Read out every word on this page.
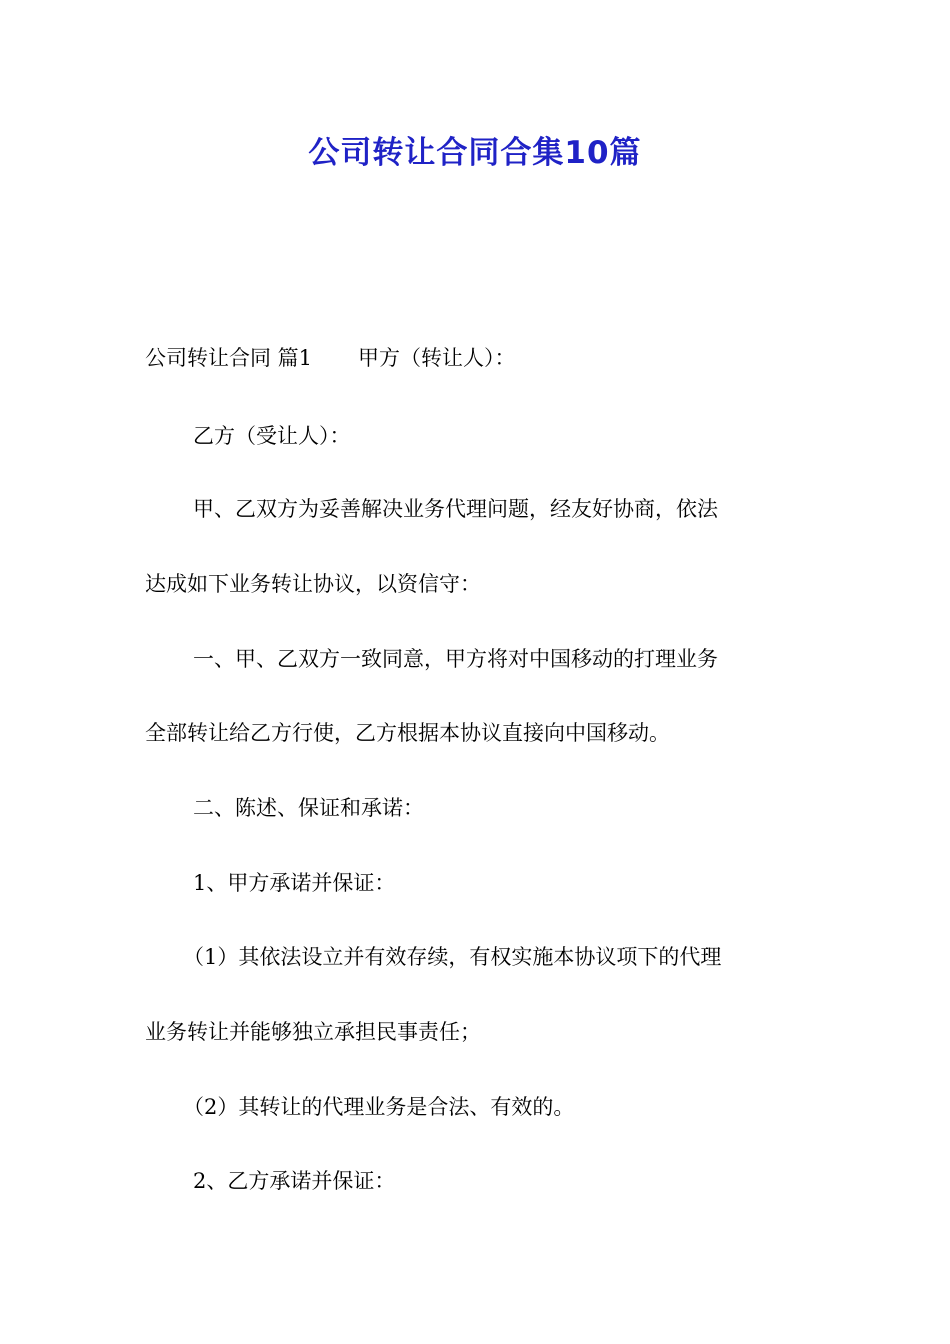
公司转让合同合集10篇
公司转让合同 篇1 甲方（转让人）：
乙方（受让人）：
甲、乙双方为妥善解决业务代理问题，经友好协商，依法
达成如下业务转让协议，以资信守：
一、甲、乙双方一致同意，甲方将对中国移动的打理业务
全部转让给乙方行使，乙方根据本协议直接向中国移动。
二、陈述、保证和承诺：
1、甲方承诺并保证：
（1）其依法设立并有效存续，有权实施本协议项下的代理
业务转让并能够独立承担民事责任；
（2）其转让的代理业务是合法、有效的。
2、乙方承诺并保证：
